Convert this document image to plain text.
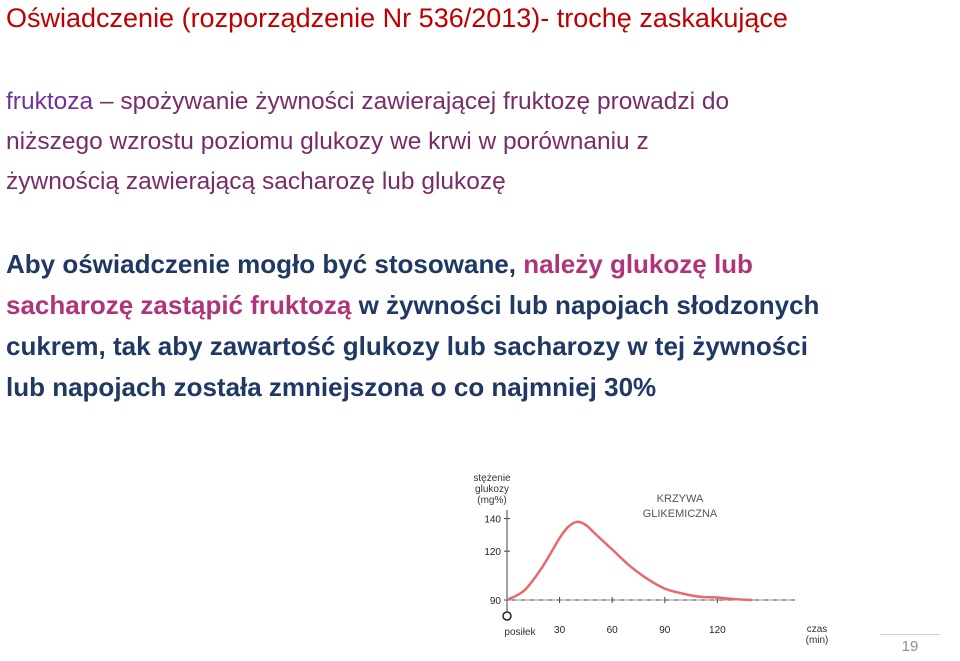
Oświadczenie (rozporządzenie Nr 536/2013)- trochę zaskakujące
fruktoza – spożywanie żywności zawierającej fruktozę prowadzi do
niższego wzrostu poziomu glukozy we krwi w porównaniu z
żywnością zawierającą sacharozę lub glukozę
Aby oświadczenie mogło być stosowane, należy glukozę lub
sacharozę zastąpić fruktozą w żywności lub napojach słodzonych
cukrem, tak aby zawartość glukozy lub sacharozy w tej żywności
lub napojach została zmniejszona o co najmniej 30%
stężenie
glukozy
(mg%)	KRZYWA
GLIKEMICZNA
czas
(min)
posiłek
90
120
140
30	60	90	120
19
